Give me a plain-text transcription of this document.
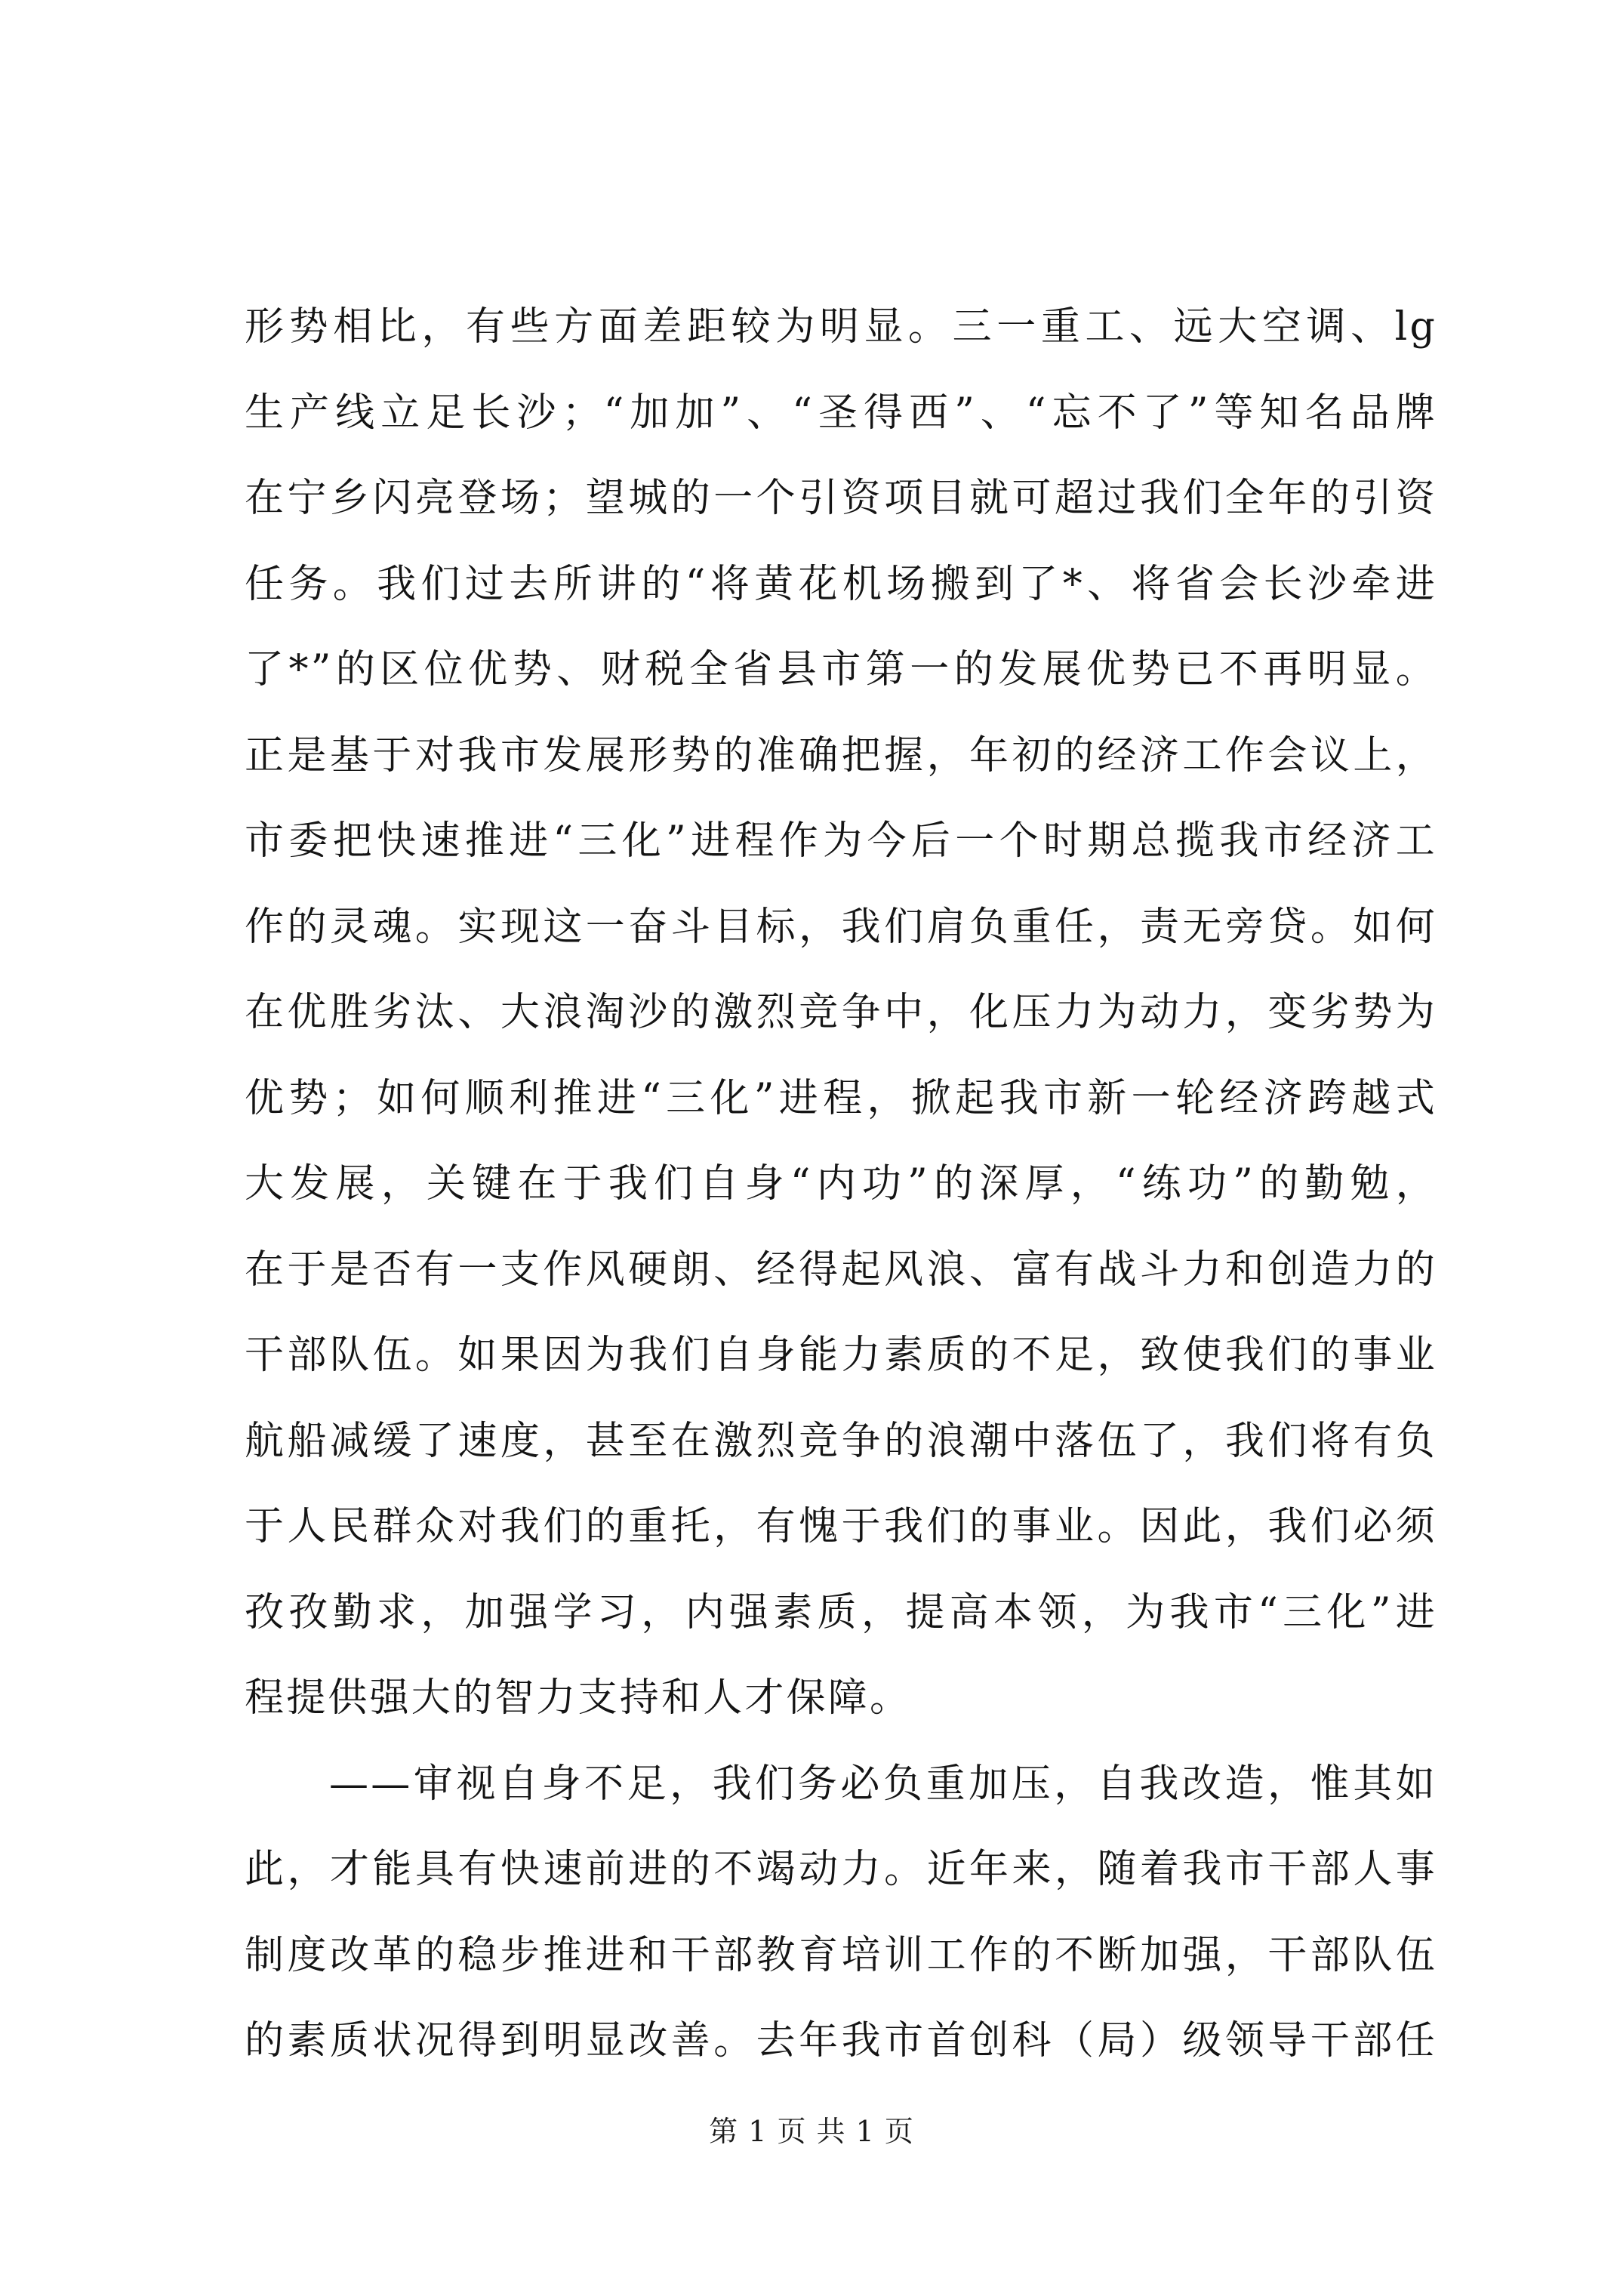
形势相比，有些方面差距较为明显。三一重工、远大空调、lg
生产线立足长沙；“加加”、“圣得西”、“忘不了”等知名品牌
在宁乡闪亮登场；望城的一个引资项目就可超过我们全年的引资
任务。我们过去所讲的“将黄花机场搬到了*、将省会长沙牵进
了*”的区位优势、财税全省县市第一的发展优势已不再明显。
正是基于对我市发展形势的准确把握，年初的经济工作会议上，
市委把快速推进“三化”进程作为今后一个时期总揽我市经济工
作的灵魂。实现这一奋斗目标，我们肩负重任，责无旁贷。如何
在优胜劣汰、大浪淘沙的激烈竞争中，化压力为动力，变劣势为
优势；如何顺利推进“三化”进程，掀起我市新一轮经济跨越式
大发展，关键在于我们自身“内功”的深厚，“练功”的勤勉，
在于是否有一支作风硬朗、经得起风浪、富有战斗力和创造力的
干部队伍。如果因为我们自身能力素质的不足，致使我们的事业
航船减缓了速度，甚至在激烈竞争的浪潮中落伍了，我们将有负
于人民群众对我们的重托，有愧于我们的事业。因此，我们必须
孜孜勤求，加强学习，内强素质，提高本领，为我市“三化”进
程提供强大的智力支持和人才保障。
——审视自身不足，我们务必负重加压，自我改造，惟其如
此，才能具有快速前进的不竭动力。近年来，随着我市干部人事
制度改革的稳步推进和干部教育培训工作的不断加强，干部队伍
的素质状况得到明显改善。去年我市首创科（局）级领导干部任
第 1 页 共 1 页
